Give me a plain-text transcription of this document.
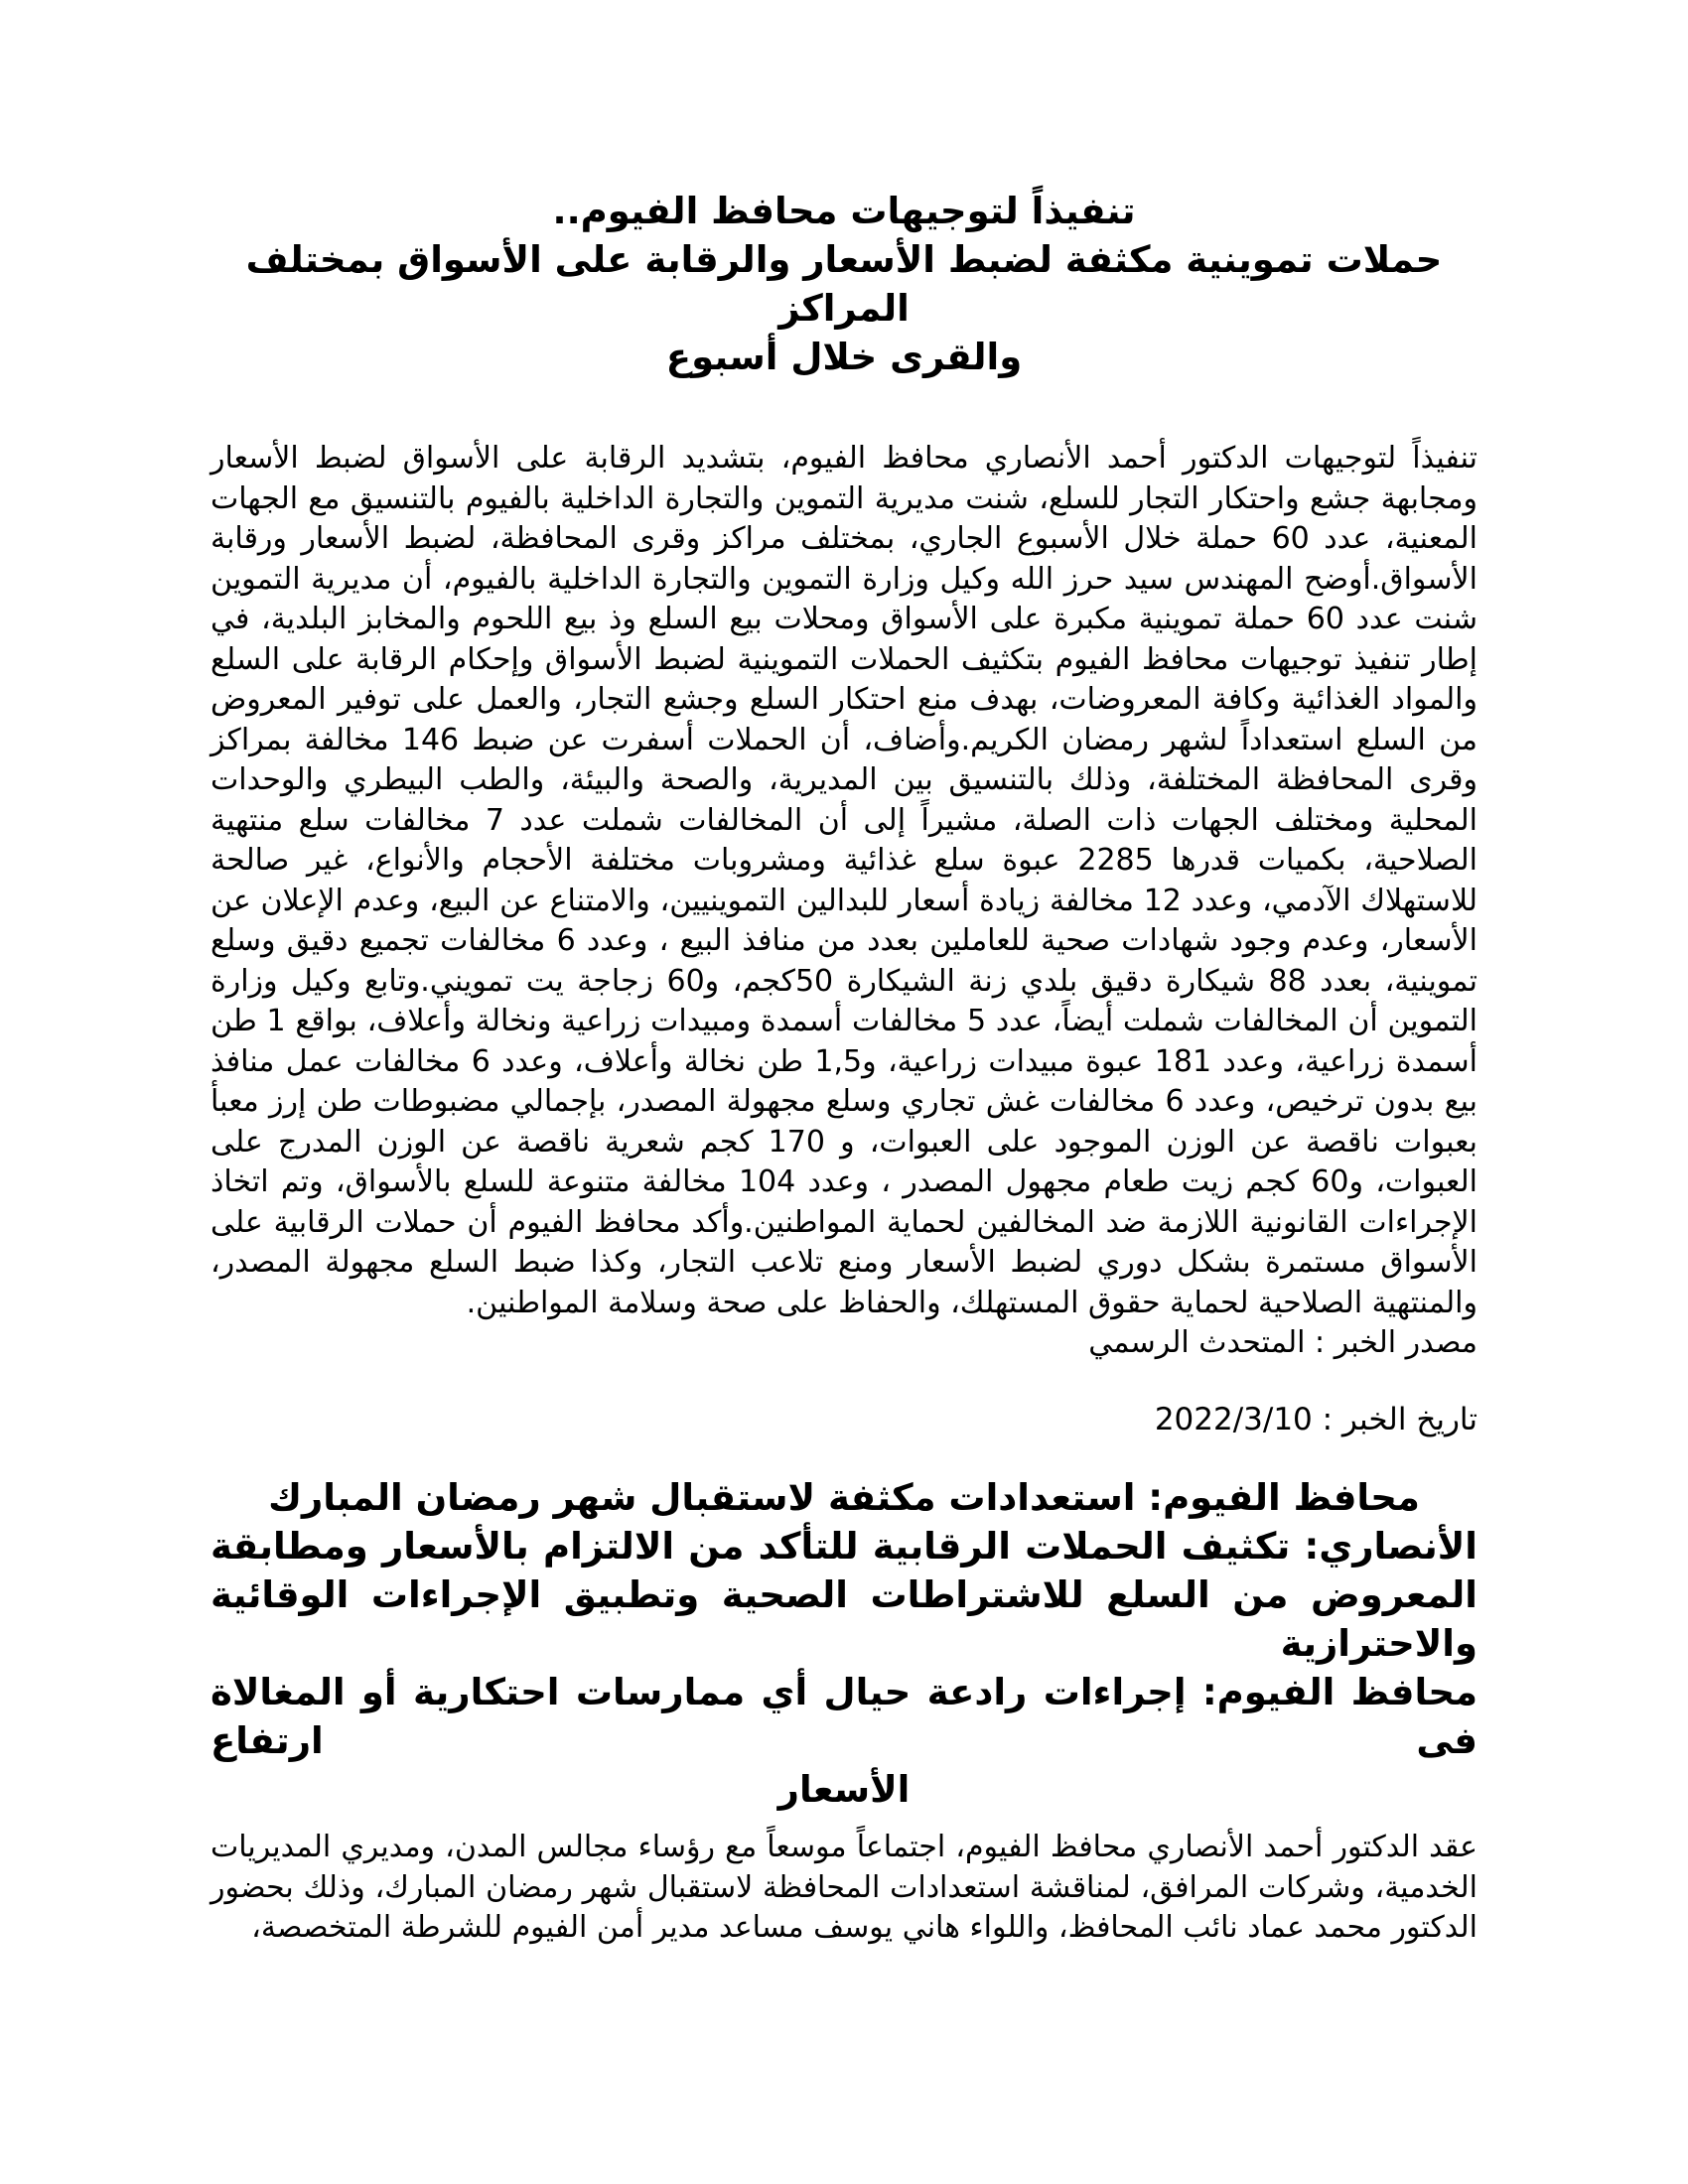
تنفيذاً لتوجيهات محافظ الفيوم..
حملات تموينية مكثفة لضبط الأسعار والرقابة على الأسواق بمختلف المراكز
والقرى خلال أسبوع

تنفيذاً لتوجيهات الدكتور أحمد الأنصاري محافظ الفيوم، بتشديد الرقابة على الأسواق لضبط الأسعار ومجابهة جشع واحتكار التجار للسلع، شنت مديرية التموين والتجارة الداخلية بالفيوم بالتنسيق مع الجهات المعنية، عدد 60 حملة خلال الأسبوع الجاري، بمختلف مراكز وقرى المحافظة، لضبط الأسعار ورقابة الأسواق.أوضح المهندس سيد حرز الله وكيل وزارة التموين والتجارة الداخلية بالفيوم، أن مديرية التموين شنت عدد 60 حملة تموينية مكبرة على الأسواق ومحلات بيع السلع وذ بيع اللحوم والمخابز البلدية، في إطار تنفيذ توجيهات محافظ الفيوم بتكثيف الحملات التموينية لضبط الأسواق وإحكام الرقابة على السلع والمواد الغذائية وكافة المعروضات، بهدف منع احتكار السلع وجشع التجار، والعمل على توفير المعروض من السلع استعداداً لشهر رمضان الكريم.وأضاف، أن الحملات أسفرت عن ضبط 146 مخالفة بمراكز وقرى المحافظة المختلفة، وذلك بالتنسيق بين المديرية، والصحة والبيئة، والطب البيطري والوحدات المحلية ومختلف الجهات ذات الصلة، مشيراً إلى أن المخالفات شملت عدد 7 مخالفات سلع منتهية الصلاحية، بكميات قدرها 2285 عبوة سلع غذائية ومشروبات مختلفة الأحجام والأنواع، غير صالحة للاستهلاك الآدمي، وعدد 12 مخالفة زيادة أسعار للبدالين التموينيين، والامتناع عن البيع، وعدم الإعلان عن الأسعار، وعدم وجود شهادات صحية للعاملين بعدد من منافذ البيع ، وعدد 6 مخالفات تجميع دقيق وسلع تموينية، بعدد 88 شيكارة دقيق بلدي زنة الشيكارة 50كجم، و60 زجاجة يت تمويني.وتابع وكيل وزارة التموين أن المخالفات شملت أيضاً، عدد 5 مخالفات أسمدة ومبيدات زراعية ونخالة وأعلاف، بواقع 1 طن أسمدة زراعية، وعدد 181 عبوة مبيدات زراعية، و1,5 طن نخالة وأعلاف، وعدد 6 مخالفات عمل منافذ بيع بدون ترخيص، وعدد 6 مخالفات غش تجاري وسلع مجهولة المصدر، بإجمالي مضبوطات طن إرز معبأ بعبوات ناقصة عن الوزن الموجود على العبوات، و 170 كجم شعرية ناقصة عن الوزن المدرج على العبوات، و60 كجم زيت طعام مجهول المصدر ، وعدد 104 مخالفة متنوعة للسلع بالأسواق، وتم اتخاذ الإجراءات القانونية اللازمة ضد المخالفين لحماية المواطنين.وأكد محافظ الفيوم أن حملات الرقابية على الأسواق مستمرة بشكل دوري لضبط الأسعار ومنع تلاعب التجار، وكذا ضبط السلع مجهولة المصدر، والمنتهية الصلاحية لحماية حقوق المستهلك، والحفاظ على صحة وسلامة المواطنين.

مصدر الخبر : المتحدث الرسمي

تاريخ الخبر : 2022/3/10

محافظ الفيوم: استعدادات مكثفة لاستقبال شهر رمضان المبارك
الأنصاري: تكثيف الحملات الرقابية للتأكد من الالتزام بالأسعار ومطابقة
المعروض من السلع للاشتراطات الصحية وتطبيق الإجراءات الوقائية والاحترازية
محافظ الفيوم: إجراءات رادعة حيال أي ممارسات احتكارية أو المغالاة فى ارتفاع
الأسعار

عقد الدكتور أحمد الأنصاري محافظ الفيوم، اجتماعاً موسعاً مع رؤساء مجالس المدن، ومديري المديريات الخدمية، وشركات المرافق، لمناقشة استعدادات المحافظة لاستقبال شهر رمضان المبارك، وذلك بحضور الدكتور محمد عماد نائب المحافظ، واللواء هاني يوسف مساعد مدير أمن الفيوم للشرطة المتخصصة،
